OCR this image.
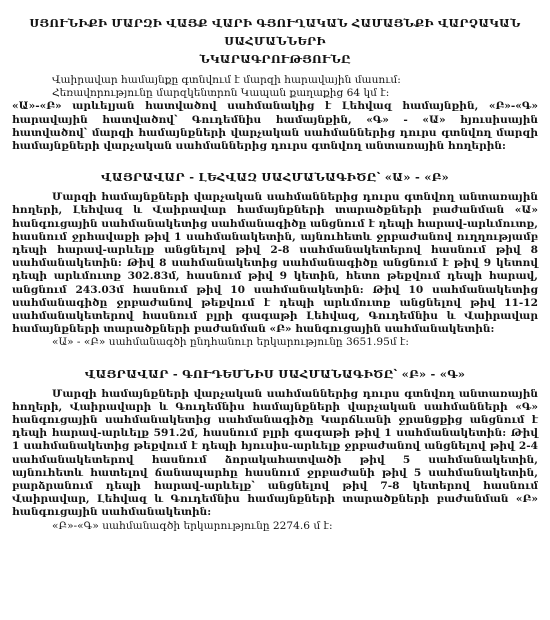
ՍՅՈՒՆԻՔԻ ՄԱՐԶԻ ՎԱՅՔ ՎԱՐԻ ԳՅՈՒՂԱԿԱՆ ՀԱՄԱՅՆՔԻ ՎԱՐՉԱԿԱՆ ՍԱՀՄԱՆՆԵՐԻ
ՆԿԱՐԱԳՐՈՒԹՅՈՒՆԸ

Վաիրավար համայնքը գտնվում է մարզի հարավային մասում:

Հեռավորությունը մարզկենտրոն Կապան քաղաքից 64 կմ է:

«Ա»-«Բ» արևելյան հատվածով սահմանակից է Լեհվազ համայնքին, «Բ»-«Գ» հարավային հատվածով՝ Գուդեմնիս համայնքին, «Գ» - «Ա» հյուսիսային հատվածով՝ մարզի համայնքների վարչական սահմաններից դուրս գտնվող մարզի համայնքների վարչական սահմաններից դուրս գտնվող անտառային հողերին:

ՎԱՅՐԱՎԱՐ - ԼԵՀՎԱԶ ՍԱՀՄԱՆԱԳԻԾԸ՝ «Ա» - «Բ»

Մարզի համայնքների վարչական սահմաններից դուրս գտնվող անտառային հողերի, Լեհվազ և Վաիրավար համայնքների տարածքների բաժանման «Ա» հանգուցային սահմանակետից սահմանագիծը անցնում է դեպի հարավ-արևմուտք, հասնում ջրհավաքի թիվ 1 սահմանակետին, այնուհետև ջրբաժանով ուղղությամբ դեպի հարավ-արևելք անցնելով թիվ 2-8 սահմանակետերով հասնում թիվ 8 սահմանակետին: Թիվ 8 սահմանակետից սահմանագիծը անցնում է թիվ 9 կետով դեպի արևմուտք 302.83մ, հասնում թիվ 9 կետին, հետո թեքվում դեպի հարավ, անցնում 243.03մ հասնում թիվ 10 սահմանակետին: Թիվ 10 սահմանակետից սահմանագիծը ջրբաժանով թեքվում է դեպի արևմուտք անցնելով թիվ 11-12 սահմանակետերով հասնում բլրի գագաթի Լեհվազ, Գուդեմնիս և Վաիրավար համայնքների տարածքների բաժանման «Բ» հանգուցային սահմանակետին:

«Ա» - «Բ» սահմանագծի ընդհանուր երկարությունը 3651.95մ է:

ՎԱՅՐԱՎԱՐ - ԳՈՒԴԵՄՆԻՍ ՍԱՀՄԱՆԱԳԻԾԸ՝ «Բ» - «Գ»

Մարզի համայնքների վարչական սահմաններից դուրս գտնվող անտառային հողերի, Վաիրավարի և Գուդեմնիս համայնքների վարչական սահմանների «Գ» հանգուցային սահմանակետից սահմանագիծը Կարճևանի ջրանցքից անցնում է դեպի հարավ-արևելք 591.2մ, հասնում բլրի գագաթի թիվ 1 սահմանակետին: Թիվ 1 սահմանակետից թեքվում է դեպի հյուսիս-արևելք ջրբաժանով անցնելով թիվ 2-4 սահմանակետերով հասնում ձորակահատվածի թիվ 5 սահմանակետին, այնուհետև հատելով ճանապարհը հասնում ջրբաժանի թիվ 5 սահմանակետին, բարձրանում դեպի հարավ-արևելք՝ անցնելով թիվ 7-8 կետերով հասնում Վաիրավար, Լեհվազ և Գուդեմնիս համայնքների տարածքների բաժանման «Բ» հանգուցային սահմանակետին:

«Բ»-«Գ» սահմանագծի երկարությունը 2274.6 մ է:
